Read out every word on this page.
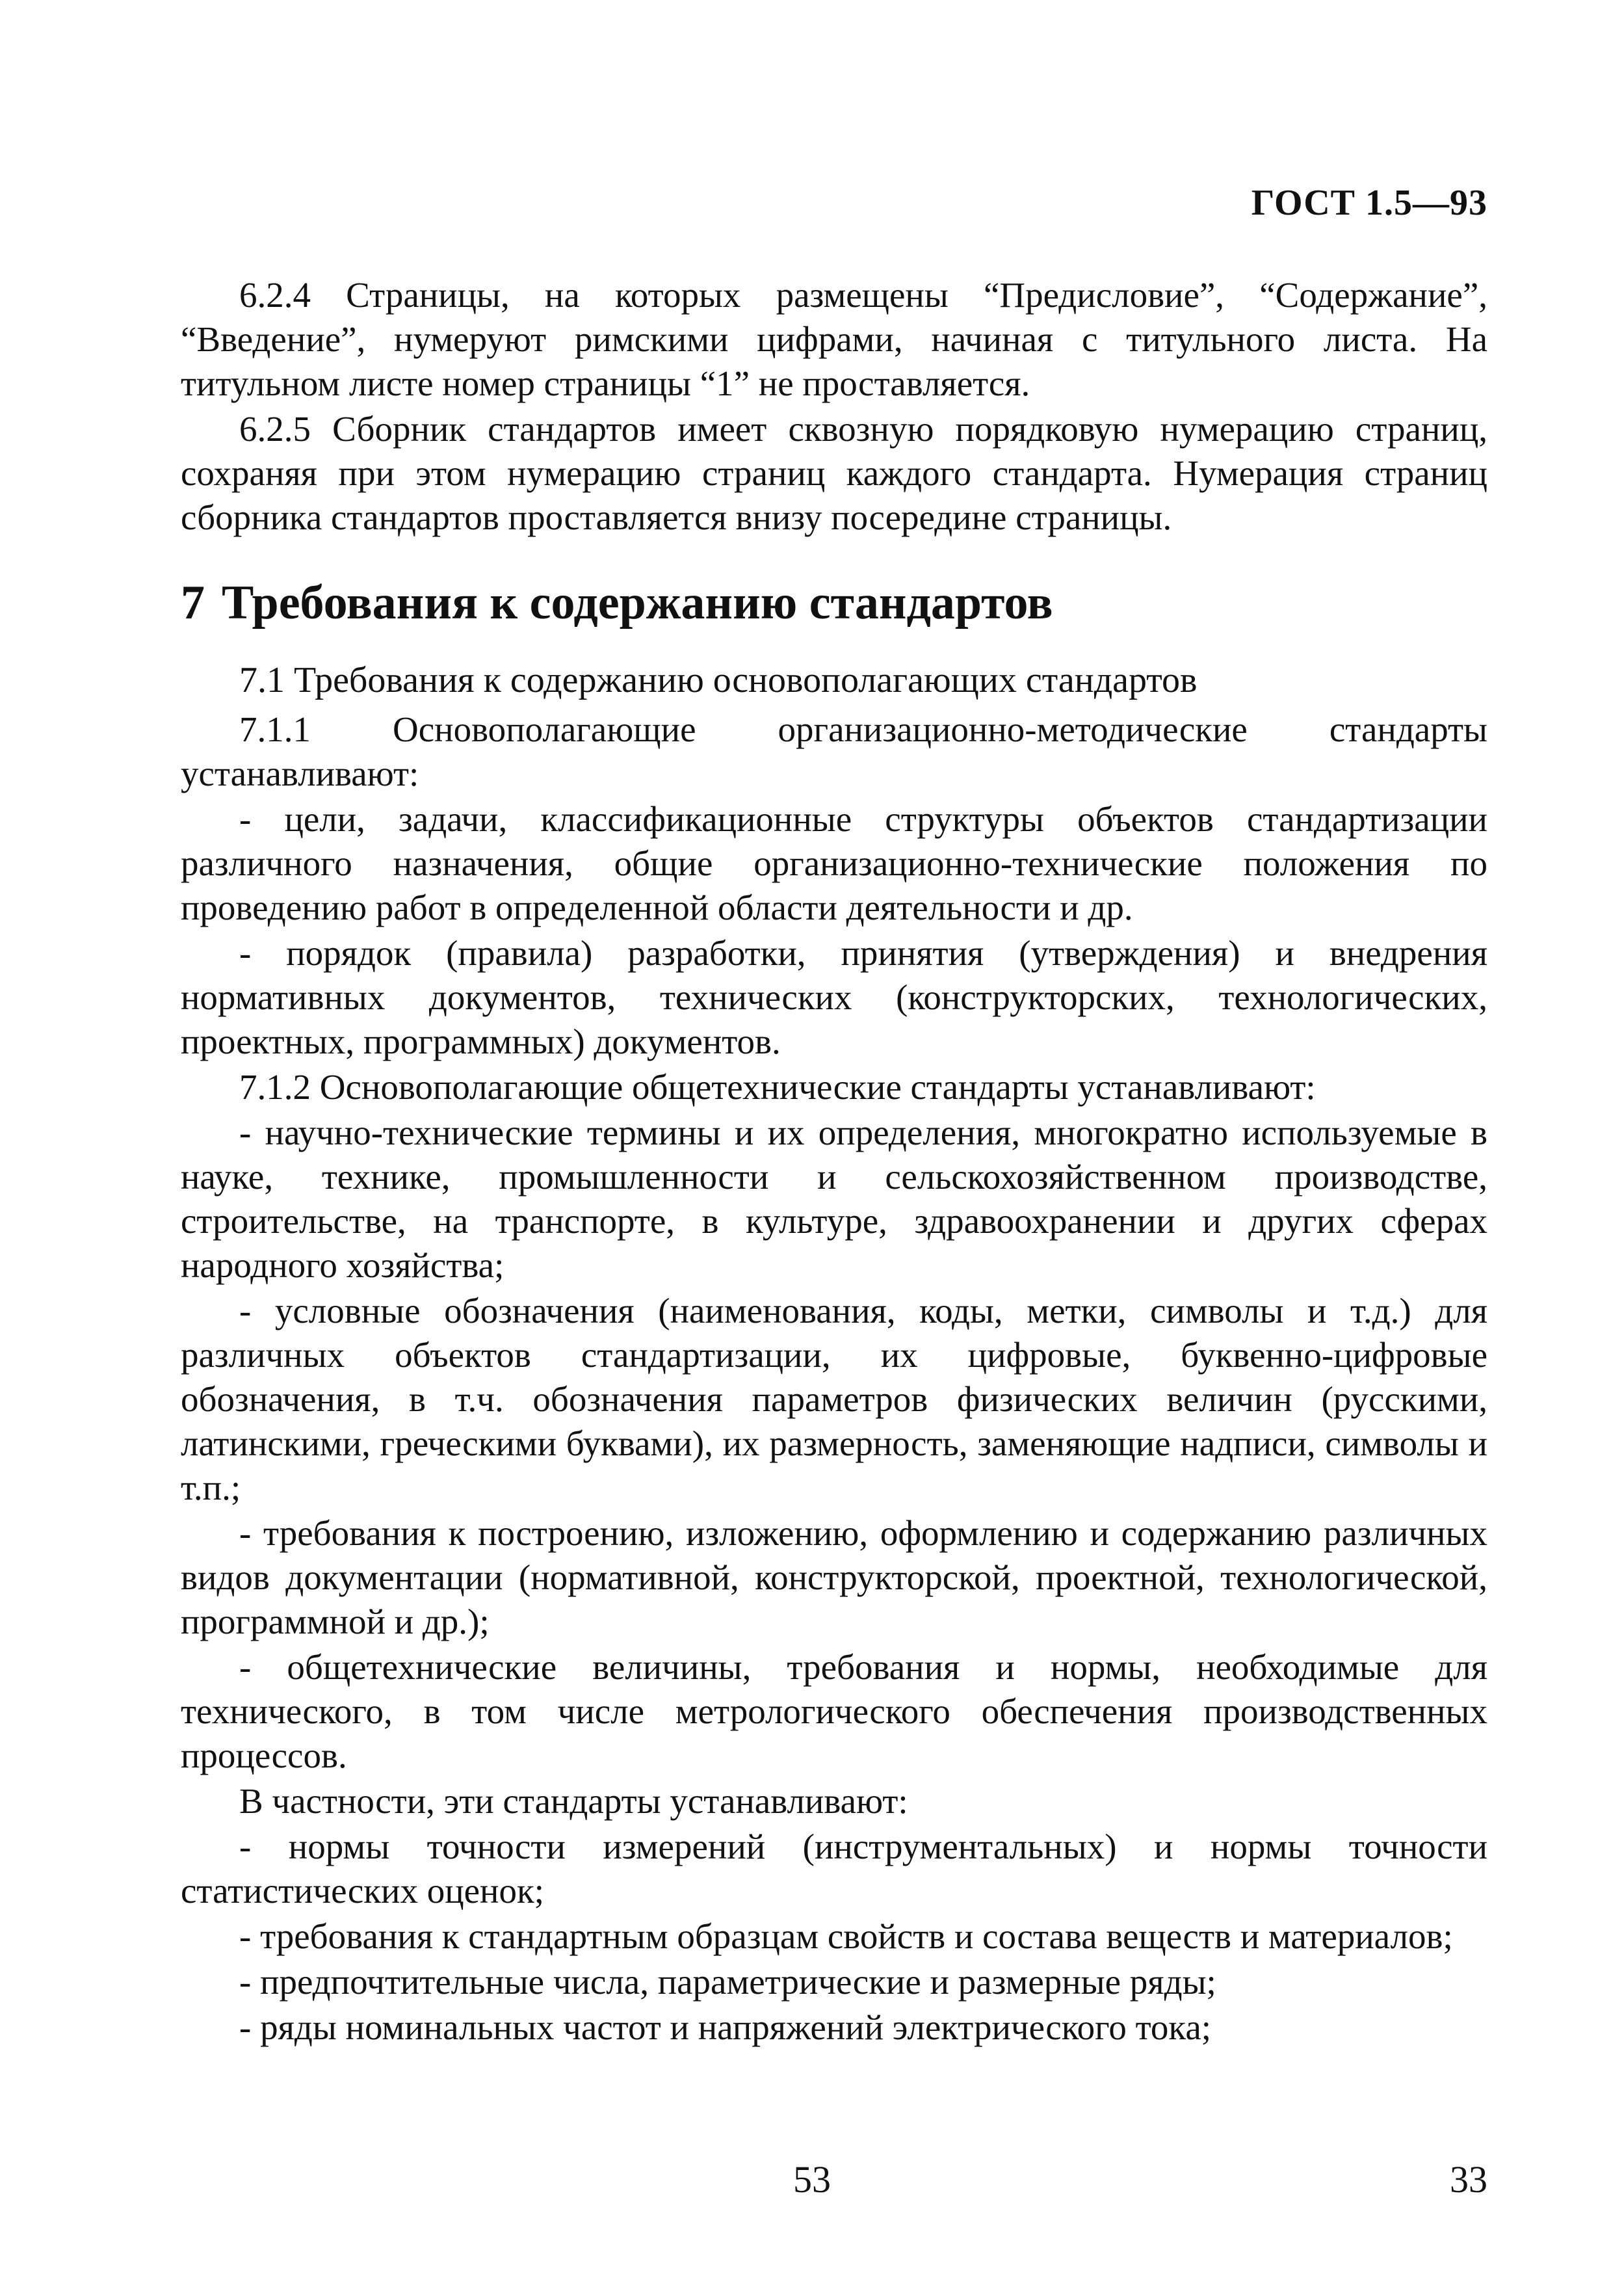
ГОСТ 1.5—93

6.2.4 Страницы, на которых размещены “Предисловие”, “Содержание”, “Введение”, нумеруют римскими цифрами, начиная с титульного листа. На титульном листе номер страницы “1” не проставляется.

6.2.5 Сборник стандартов имеет сквозную порядковую нумерацию страниц, сохраняя при этом нумерацию страниц каждого стандарта. Нумерация страниц сборника стандартов проставляется внизу посередине страницы.

7 Требования к содержанию стандартов

7.1 Требования к содержанию основополагающих стандартов

7.1.1 Основополагающие организационно-методические стандарты устанавливают:

- цели, задачи, классификационные структуры объектов стандартизации различного назначения, общие организационно-технические положения по проведению работ в определенной области деятельности и др.

- порядок (правила) разработки, принятия (утверждения) и внедрения нормативных документов, технических (конструкторских, технологических, проектных, программных) документов.

7.1.2 Основополагающие общетехнические стандарты устанавливают:

- научно-технические термины и их определения, многократно используемые в науке, технике, промышленности и сельскохозяйственном производстве, строительстве, на транспорте, в культуре, здравоохранении и других сферах народного хозяйства;

- условные обозначения (наименования, коды, метки, символы и т.д.) для различных объектов стандартизации, их цифровые, буквенно-цифровые обозначения, в т.ч. обозначения параметров физических величин (русскими, латинскими, греческими буквами), их размерность, заменяющие надписи, символы и т.п.;

- требования к построению, изложению, оформлению и содержанию различных видов документации (нормативной, конструкторской, проектной, технологической, программной и др.);

- общетехнические величины, требования и нормы, необходимые для технического, в том числе метрологического обеспечения производственных процессов.

В частности, эти стандарты устанавливают:

- нормы точности измерений (инструментальных) и нормы точности статистических оценок;

- требования к стандартным образцам свойств и состава веществ и материалов;

- предпочтительные числа, параметрические и размерные ряды;

- ряды номинальных частот и напряжений электрического тока;

53	33
